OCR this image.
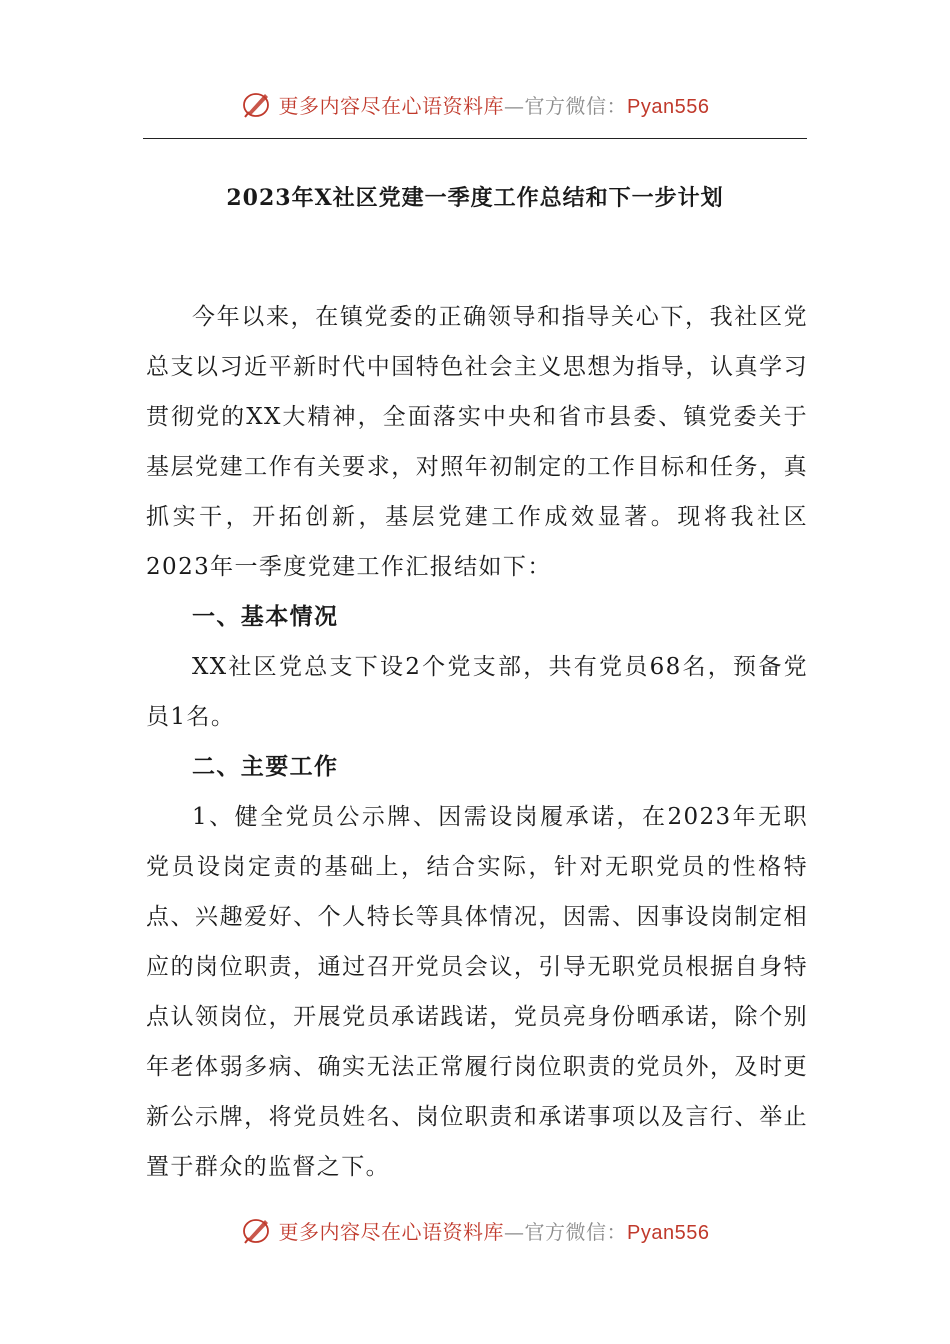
更多内容尽在心语资料库—官方微信：Pyan556
2023年X社区党建一季度工作总结和下一步计划

今年以来，在镇党委的正确领导和指导关心下，我社区党总支以习近平新时代中国特色社会主义思想为指导，认真学习贯彻党的XX大精神，全面落实中央和省市县委、镇党委关于基层党建工作有关要求，对照年初制定的工作目标和任务，真抓实干，开拓创新，基层党建工作成效显著。现将我社区2023年一季度党建工作汇报结如下：

一、基本情况

XX社区党总支下设2个党支部，共有党员68名，预备党员1名。

二、主要工作

1、健全党员公示牌、因需设岗履承诺，在2023年无职党员设岗定责的基础上，结合实际，针对无职党员的性格特点、兴趣爱好、个人特长等具体情况，因需、因事设岗制定相应的岗位职责，通过召开党员会议，引导无职党员根据自身特点认领岗位，开展党员承诺践诺，党员亮身份晒承诺，除个别年老体弱多病、确实无法正常履行岗位职责的党员外，及时更新公示牌，将党员姓名、岗位职责和承诺事项以及言行、举止置于群众的监督之下。

更多内容尽在心语资料库—官方微信：Pyan556
